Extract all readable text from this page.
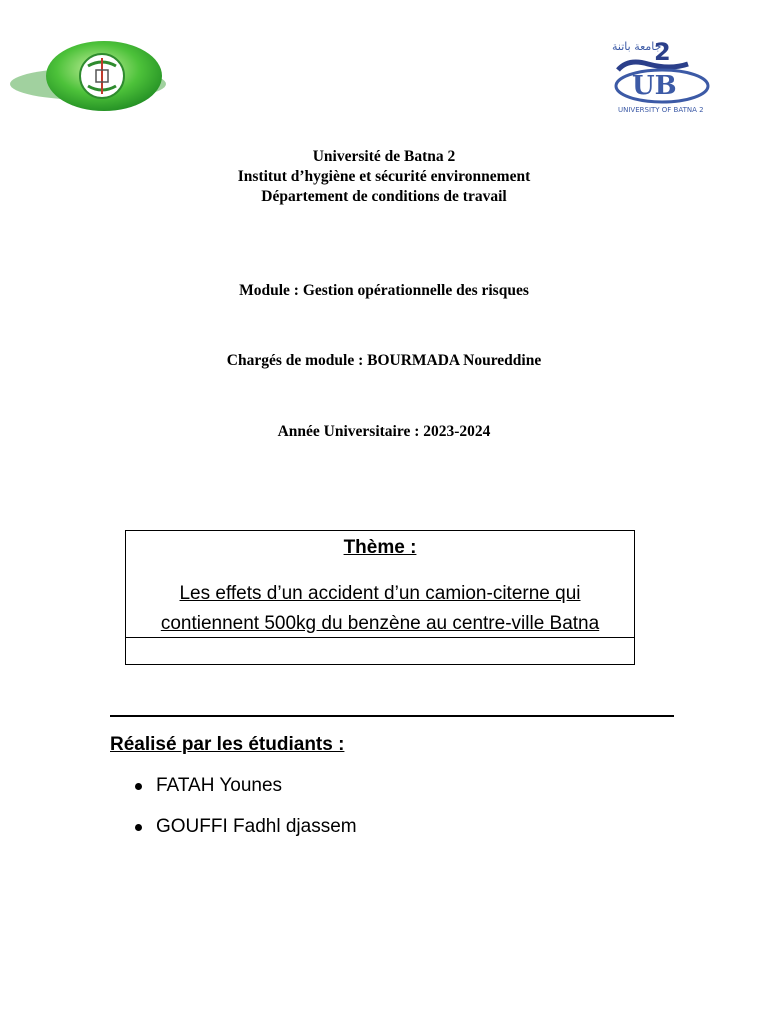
جامعة باتنة
2
UB
UNIVERSITY OF BATNA 2
Université de Batna 2
Institut d’hygiène et sécurité environnement
Département de conditions de travail
Module : Gestion opérationnelle des risques
Chargés de module : BOURMADA Noureddine
Année Universitaire : 2023-2024
Thème :
Les effets d’un accident d’un camion-citerne qui contiennent 500kg du benzène au centre-ville Batna
Réalisé par les étudiants :
FATAH Younes
GOUFFI Fadhl djassem
